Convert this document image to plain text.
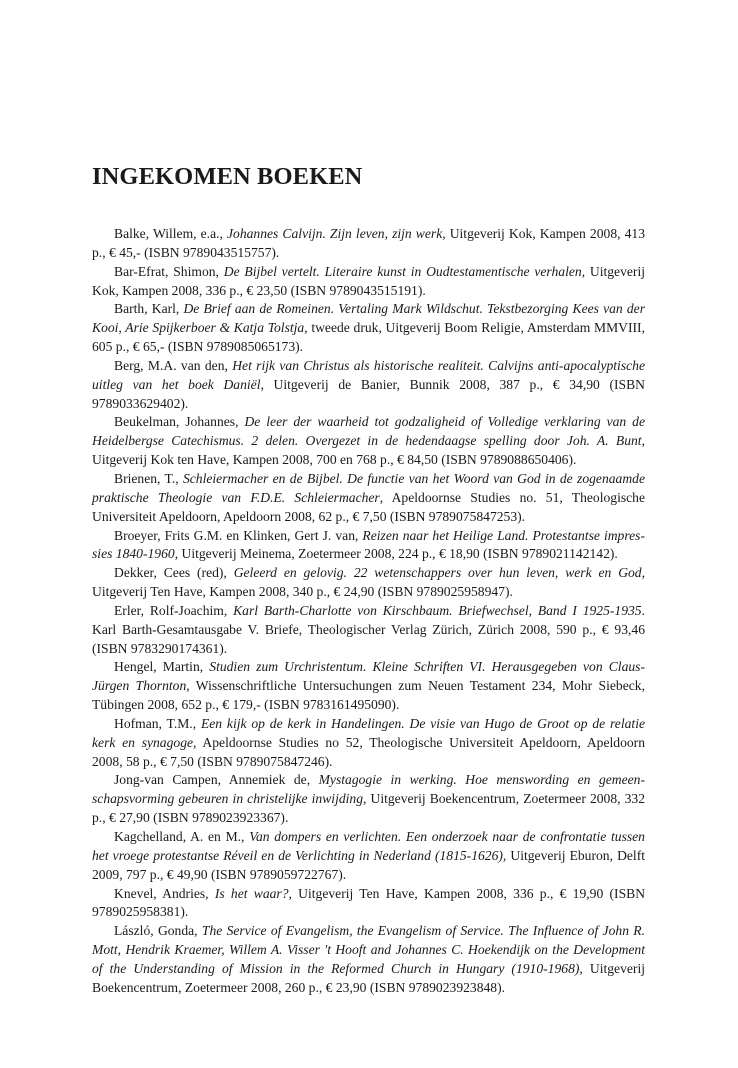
INGEKOMEN BOEKEN

Balke, Willem, e.a., Johannes Calvijn. Zijn leven, zijn werk, Uitgeverij Kok, Kampen 2008, 413 p., € 45,- (ISBN 9789043515757).

Bar-Efrat, Shimon, De Bijbel vertelt. Literaire kunst in Oudtestamentische verhalen, Uitgeverij Kok, Kampen 2008, 336 p., € 23,50 (ISBN 9789043515191).

Barth, Karl, De Brief aan de Romeinen. Vertaling Mark Wildschut. Tekstbezorging Kees van der Kooi, Arie Spijkerboer & Katja Tolstja, tweede druk, Uitgeverij Boom Religie, Amsterdam MMVIII, 605 p., € 65,- (ISBN 9789085065173).

Berg, M.A. van den, Het rijk van Christus als historische realiteit. Calvijns anti-apocalyptische uitleg van het boek Daniël, Uitgeverij de Banier, Bunnik 2008, 387 p., € 34,90 (ISBN 9789033629402).

Beukelman, Johannes, De leer der waarheid tot godzaligheid of Volledige verklaring van de Heidelbergse Catechismus. 2 delen. Overgezet in de hedendaagse spelling door Joh. A. Bunt, Uitgeverij Kok ten Have, Kampen 2008, 700 en 768 p., € 84,50 (ISBN 9789088650406).

Brienen, T., Schleiermacher en de Bijbel. De functie van het Woord van God in de zogenaamde praktische Theologie van F.D.E. Schleiermacher, Apeldoornse Studies no. 51, Theologische Universiteit Apeldoorn, Apeldoorn 2008, 62 p., € 7,50 (ISBN 9789075847253).

Broeyer, Frits G.M. en Klinken, Gert J. van, Reizen naar het Heilige Land. Protestantse impressies 1840-1960, Uitgeverij Meinema, Zoetermeer 2008, 224 p., € 18,90 (ISBN 9789021142142).

Dekker, Cees (red), Geleerd en gelovig. 22 wetenschappers over hun leven, werk en God, Uitgeverij Ten Have, Kampen 2008, 340 p., € 24,90 (ISBN 9789025958947).

Erler, Rolf-Joachim, Karl Barth-Charlotte von Kirschbaum. Briefwechsel, Band I 1925-1935. Karl Barth-Gesamtausgabe V. Briefe, Theologischer Verlag Zürich, Zürich 2008, 590 p., € 93,46 (ISBN 9783290174361).

Hengel, Martin, Studien zum Urchristentum. Kleine Schriften VI. Herausgegeben von Claus-Jürgen Thornton, Wissenschriftliche Untersuchungen zum Neuen Testament 234, Mohr Siebeck, Tübingen 2008, 652 p., € 179,- (ISBN 9783161495090).

Hofman, T.M., Een kijk op de kerk in Handelingen. De visie van Hugo de Groot op de relatie kerk en synagoge, Apeldoornse Studies no 52, Theologische Universiteit Apeldoorn, Apeldoorn 2008, 58 p., € 7,50 (ISBN 9789075847246).

Jong-van Campen, Annemiek de, Mystagogie in werking. Hoe menswording en gemeenschapsvorming gebeuren in christelijke inwijding, Uitgeverij Boekencentrum, Zoetermeer 2008, 332 p., € 27,90 (ISBN 9789023923367).

Kagchelland, A. en M., Van dompers en verlichten. Een onderzoek naar de confrontatie tussen het vroege protestantse Réveil en de Verlichting in Nederland (1815-1626), Uitgeverij Eburon, Delft 2009, 797 p., € 49,90 (ISBN 9789059722767).

Knevel, Andries, Is het waar?, Uitgeverij Ten Have, Kampen 2008, 336 p., € 19,90 (ISBN 9789025958381).

László, Gonda, The Service of Evangelism, the Evangelism of Service. The Influence of John R. Mott, Hendrik Kraemer, Willem A. Visser 't Hooft and Johannes C. Hoekendijk on the Development of the Understanding of Mission in the Reformed Church in Hungary (1910-1968), Uitgeverij Boekencentrum, Zoetermeer 2008, 260 p., € 23,90 (ISBN 9789023923848).
